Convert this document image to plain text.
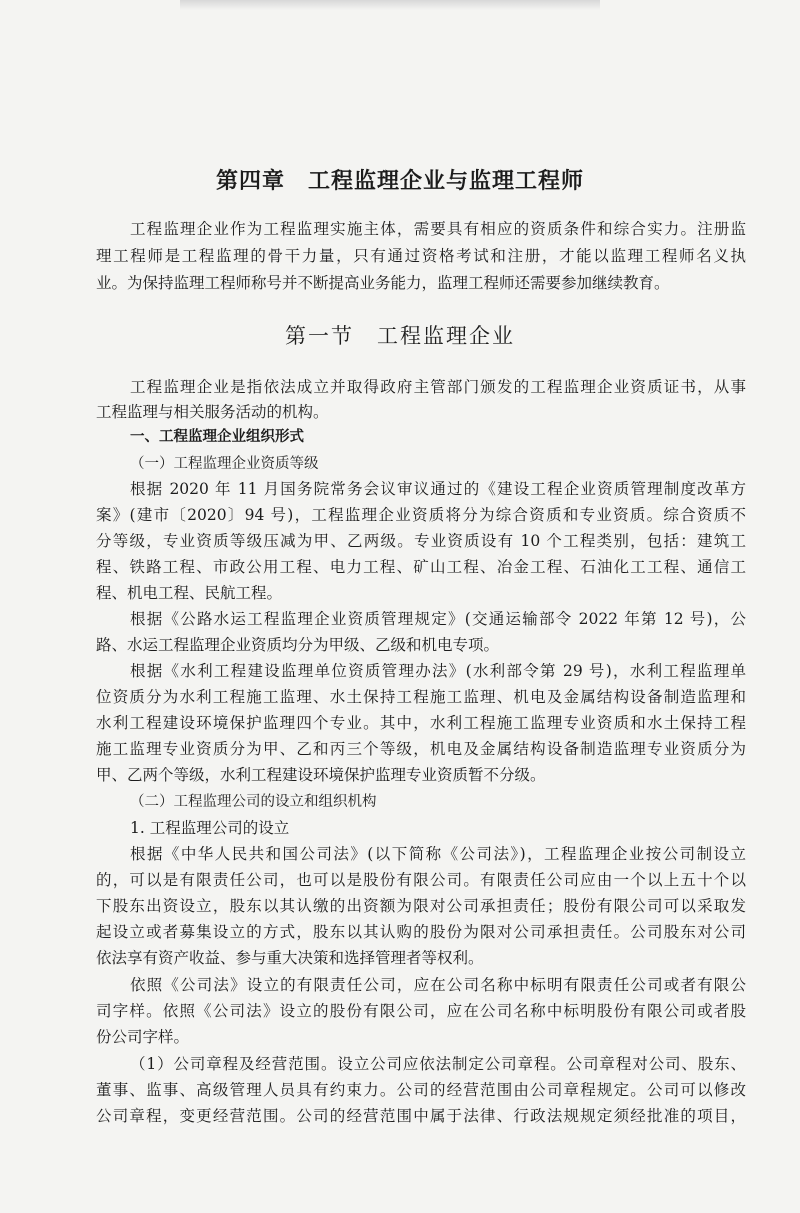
第四章　工程监理企业与监理工程师
工程监理企业作为工程监理实施主体，需要具有相应的资质条件和综合实力。注册监
理工程师是工程监理的骨干力量，只有通过资格考试和注册，才能以监理工程师名义执
业。为保持监理工程师称号并不断提高业务能力，监理工程师还需要参加继续教育。
第一节　工程监理企业
工程监理企业是指依法成立并取得政府主管部门颁发的工程监理企业资质证书，从事
工程监理与相关服务活动的机构。
一、工程监理企业组织形式
（一）工程监理企业资质等级
根据 2020 年 11 月国务院常务会议审议通过的《建设工程企业资质管理制度改革方
案》(建市〔2020〕94 号)，工程监理企业资质将分为综合资质和专业资质。综合资质不
分等级，专业资质等级压减为甲、乙两级。专业资质设有 10 个工程类别，包括：建筑工
程、铁路工程、市政公用工程、电力工程、矿山工程、冶金工程、石油化工工程、通信工
程、机电工程、民航工程。
根据《公路水运工程监理企业资质管理规定》(交通运输部令 2022 年第 12 号)，公
路、水运工程监理企业资质均分为甲级、乙级和机电专项。
根据《水利工程建设监理单位资质管理办法》(水利部令第 29 号)，水利工程监理单
位资质分为水利工程施工监理、水土保持工程施工监理、机电及金属结构设备制造监理和
水利工程建设环境保护监理四个专业。其中，水利工程施工监理专业资质和水土保持工程
施工监理专业资质分为甲、乙和丙三个等级，机电及金属结构设备制造监理专业资质分为
甲、乙两个等级，水利工程建设环境保护监理专业资质暂不分级。
（二）工程监理公司的设立和组织机构
1. 工程监理公司的设立
根据《中华人民共和国公司法》(以下简称《公司法》)，工程监理企业按公司制设立
的，可以是有限责任公司，也可以是股份有限公司。有限责任公司应由一个以上五十个以
下股东出资设立，股东以其认缴的出资额为限对公司承担责任；股份有限公司可以采取发
起设立或者募集设立的方式，股东以其认购的股份为限对公司承担责任。公司股东对公司
依法享有资产收益、参与重大决策和选择管理者等权利。
依照《公司法》设立的有限责任公司，应在公司名称中标明有限责任公司或者有限公
司字样。依照《公司法》设立的股份有限公司，应在公司名称中标明股份有限公司或者股
份公司字样。
（1）公司章程及经营范围。设立公司应依法制定公司章程。公司章程对公司、股东、
董事、监事、高级管理人员具有约束力。公司的经营范围由公司章程规定。公司可以修改
公司章程，变更经营范围。公司的经营范围中属于法律、行政法规规定须经批准的项目，
